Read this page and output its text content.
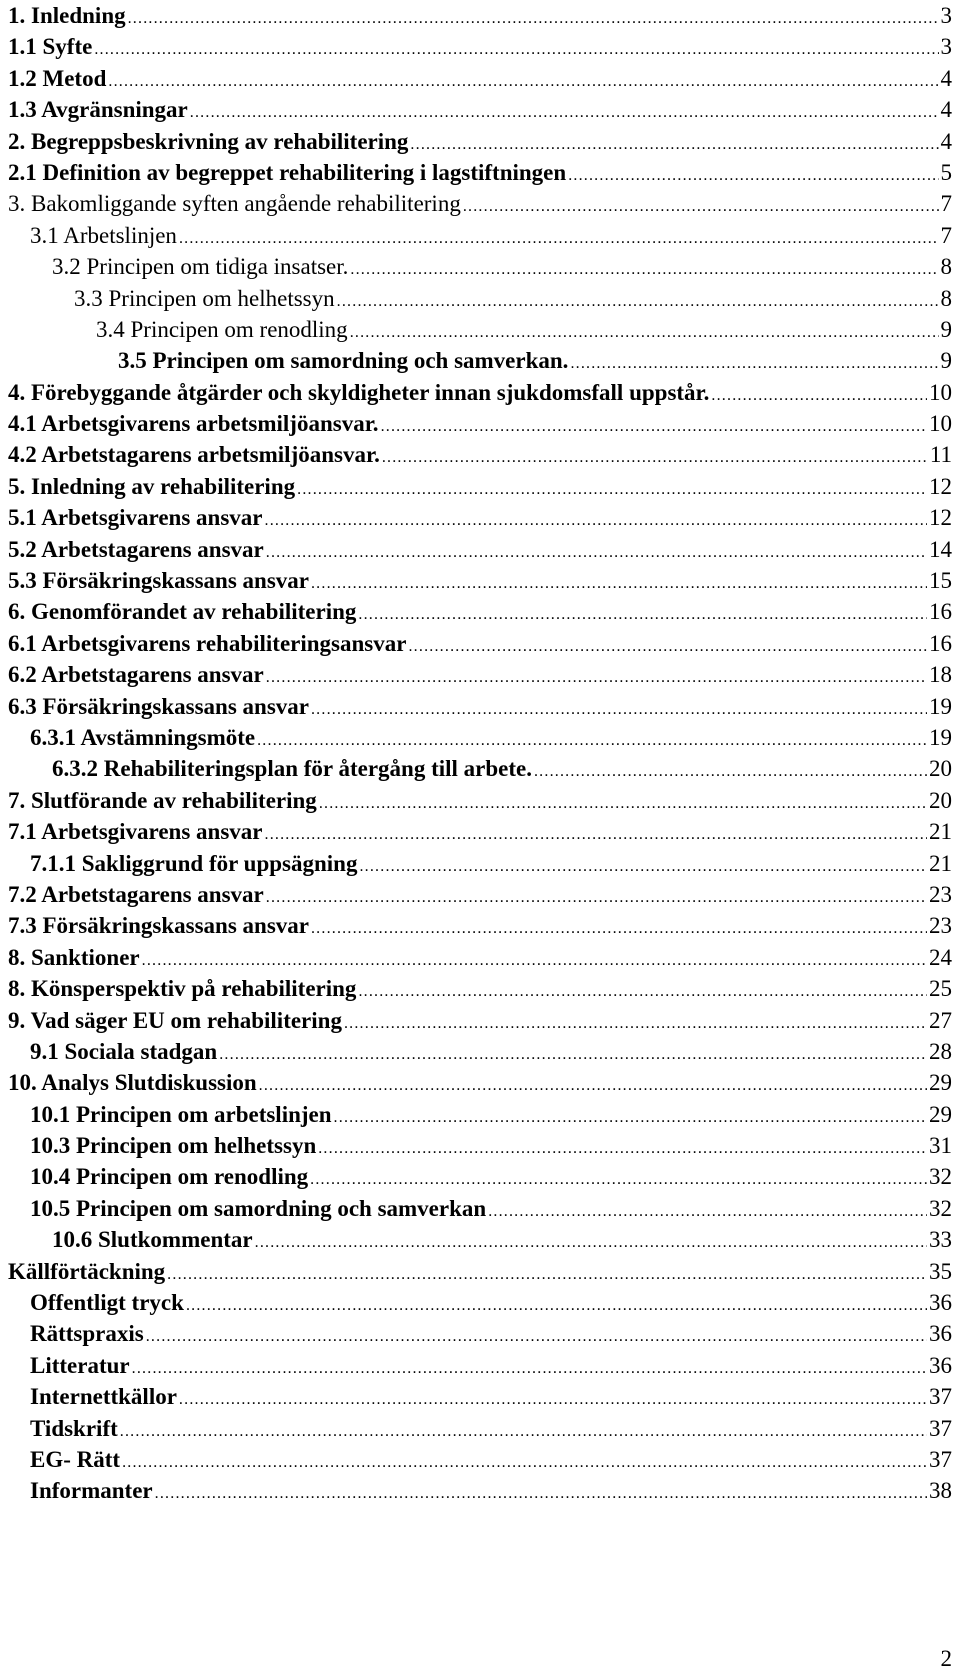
1. Inledning .....	3
1.1 Syfte .....	3
1.2 Metod .....	4
1.3 Avgränsningar .....	4
2. Begreppsbeskrivning av rehabilitering .....	4
2.1 Definition av begreppet rehabilitering i lagstiftningen .....	5
3. Bakomliggande syften angående rehabilitering .....	7
3.1 Arbetslinjen .....	7
3.2 Principen om tidiga insatser. .....	8
3.3 Principen om helhetssyn .....	8
3.4 Principen om renodling .....	9
3.5 Principen om samordning och samverkan. .....	9
4. Förebyggande åtgärder och skyldigheter innan sjukdomsfall uppstår. .....	10
4.1 Arbetsgivarens arbetsmiljöansvar. .....	10
4.2 Arbetstagarens arbetsmiljöansvar. .....	11
5. Inledning av rehabilitering .....	12
5.1 Arbetsgivarens ansvar .....	12
5.2 Arbetstagarens ansvar .....	14
5.3 Försäkringskassans ansvar .....	15
6. Genomförandet av rehabilitering .....	16
6.1 Arbetsgivarens rehabiliteringsansvar .....	16
6.2 Arbetstagarens ansvar .....	18
6.3 Försäkringskassans ansvar .....	19
6.3.1 Avstämningsmöte .....	19
6.3.2 Rehabiliteringsplan för återgång till arbete. .....	20
7. Slutförande av rehabilitering .....	20
7.1 Arbetsgivarens ansvar .....	21
7.1.1 Sakliggrund för uppsägning .....	21
7.2 Arbetstagarens ansvar .....	23
7.3 Försäkringskassans ansvar .....	23
8. Sanktioner .....	24
8. Könsperspektiv på rehabilitering .....	25
9. Vad säger EU om rehabilitering .....	27
9.1 Sociala stadgan .....	28
10. Analys Slutdiskussion .....	29
10.1 Principen om arbetslinjen .....	29
10.3 Principen om helhetssyn .....	31
10.4 Principen om renodling .....	32
10.5 Principen om samordning och samverkan .....	32
10.6 Slutkommentar .....	33
Källförtäckning .....	35
Offentligt tryck .....	36
Rättspraxis .....	36
Litteratur .....	36
Internettkällor .....	37
Tidskrift .....	37
EG- Rätt .....	37
Informanter .....	38
2
